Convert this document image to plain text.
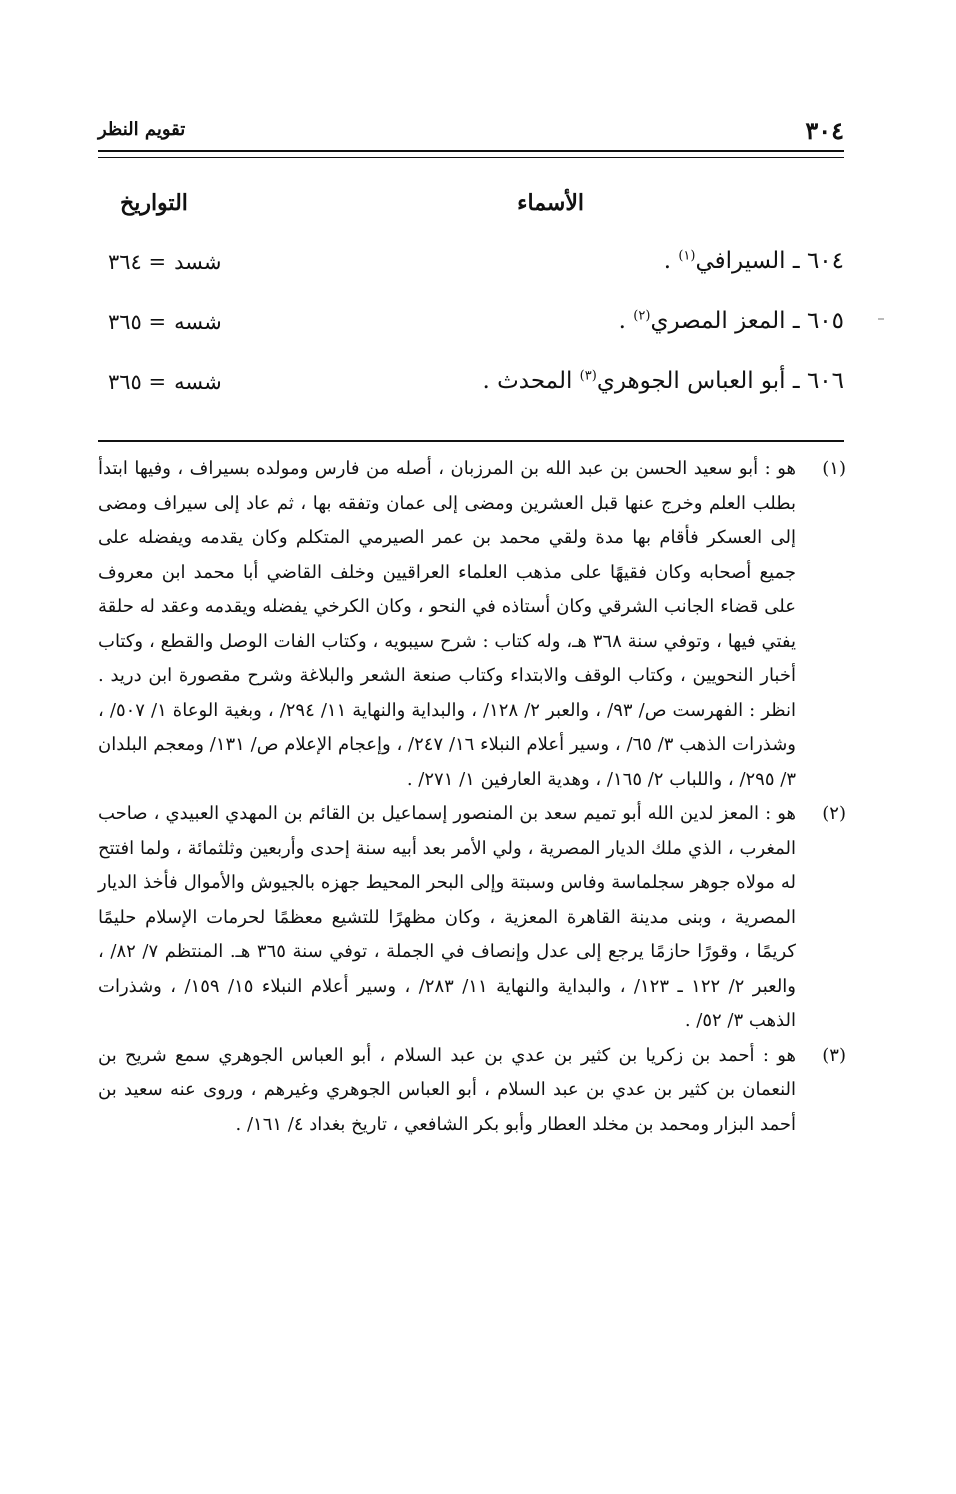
٣٠٤
تقويم النظر
الأسماء
التواريخ
٦٠٤ ـ السيرافي$^{(١)}$ .
شسد= ٣٦٤
٦٠٥ ـ المعز المصري$^{(٢)}$ .
شسه= ٣٦٥
٦٠٦ ـ أبو العباس الجوهري$^{(٣)}$ المحدث .
شسه= ٣٦٥
(١)
هو : أبو سعيد الحسن بن عبد الله بن المرزبان ، أصله من فارس ومولده بسيراف ، وفيها ابتدأ بطلب العلم وخرج عنها قبل العشرين ومضى إلى عمان وتفقه بها ، ثم عاد إلى سيراف ومضى إلى العسكر فأقام بها مدة ولقي محمد بن عمر الصيرمي المتكلم وكان يقدمه ويفضله على جميع أصحابه وكان فقيهًا على مذهب العلماء العراقيين وخلف القاضي أبا محمد ابن معروف على قضاء الجانب الشرقي وكان أستاذه في النحو ، وكان الكرخي يفضله ويقدمه وعقد له حلقة يفتي فيها ، وتوفي سنة ٣٦٨ هـ، وله كتاب : شرح سيبويه ، وكتاب الفات الوصل والقطع ، وكتاب أخبار النحويين ، وكتاب الوقف والابتداء وكتاب صنعة الشعر والبلاغة وشرح مقصورة ابن دريد . انظر : الفهرست ص/ ٩٣/ ، والعبر ٢/ ١٢٨/ ، والبداية والنهاية ١١/ ٢٩٤/ ، وبغية الوعاة ١/ ٥٠٧/ ، وشذرات الذهب ٣/ ٦٥/ ، وسير أعلام النبلاء ١٦/ ٢٤٧/ ، وإعجام الإعلام ص/ ١٣١/ ومعجم البلدان ٣/ ٢٩٥/ ، واللباب ٢/ ١٦٥/ ، وهدية العارفين ١/ ٢٧١/ .
(٢)
هو : المعز لدين الله أبو تميم سعد بن المنصور إسماعيل بن القائم بن المهدي العبيدي ، صاحب المغرب ، الذي ملك الديار المصرية ، ولي الأمر بعد أبيه سنة إحدى وأربعين وثلثمائة ، ولما افتتح له مولاه جوهر سجلماسة وفاس وسبتة وإلى البحر المحيط جهزه بالجيوش والأموال فأخذ الديار المصرية ، وبنى مدينة القاهرة المعزية ، وكان مظهرًا للتشيع معظمًا لحرمات الإسلام حليمًا كريمًا ، وقورًا حازمًا يرجع إلى عدل وإنصاف في الجملة ، توفي سنة ٣٦٥ هـ. المنتظم ٧/ ٨٢/ ، والعبر ٢/ ١٢٢ ـ ١٢٣/ ، والبداية والنهاية ١١/ ٢٨٣/ ، وسير أعلام النبلاء ١٥/ ١٥٩/ ، وشذرات الذهب ٣/ ٥٢/ .
(٣)
هو : أحمد بن زكريا بن كثير بن عدي بن عبد السلام ، أبو العباس الجوهري سمع شريح بن النعمان بن كثير بن عدي بن عبد السلام ، أبو العباس الجوهري وغيرهم ، وروى عنه سعيد بن أحمد البزار ومحمد بن مخلد العطار وأبو بكر الشافعي ، تاريخ بغداد ٤/ ١٦١/ .
